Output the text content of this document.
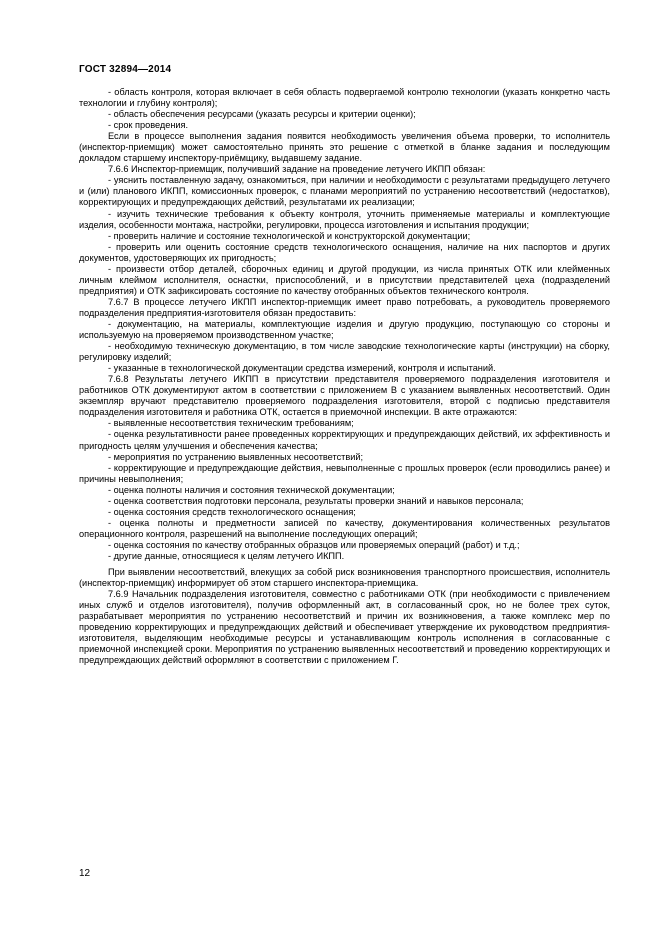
ГОСТ 32894—2014

- область контроля, которая включает в себя область подвергаемой контролю технологии (указать конкретно часть технологии и глубину контроля);

- область обеспечения ресурсами (указать ресурсы и критерии оценки);

- срок проведения.

Если в процессе выполнения задания появится необходимость увеличения объема проверки, то исполнитель (инспектор-приемщик) может самостоятельно принять это решение с отметкой в бланке задания и последующим докладом старшему инспектору-приёмщику, выдавшему задание.

7.6.6 Инспектор-приемщик, получивший задание на проведение летучего ИКПП обязан:

- уяснить поставленную задачу, ознакомиться, при наличии и необходимости с результатами предыдущего летучего и (или) планового ИКПП, комиссионных проверок, с планами мероприятий по устранению несоответствий (недостатков), корректирующих и предупреждающих действий, результатами их реализации;

- изучить технические требования к объекту контроля, уточнить применяемые материалы и комплектующие изделия, особенности монтажа, настройки, регулировки, процесса изготовления и испытания продукции;

- проверить наличие и состояние технологической и конструкторской документации;

- проверить или оценить состояние средств технологического оснащения, наличие на них паспортов и других документов, удостоверяющих их пригодность;

- произвести отбор деталей, сборочных единиц и другой продукции, из числа принятых ОТК или клейменных личным клеймом исполнителя, оснастки, приспособлений, и в присутствии представителей цеха (подразделений предприятия) и ОТК зафиксировать состояние по качеству отобранных объектов технического контроля.

7.6.7 В процессе летучего ИКПП инспектор-приемщик имеет право потребовать, а руководитель проверяемого подразделения предприятия-изготовителя обязан предоставить:

- документацию, на материалы, комплектующие изделия и другую продукцию, поступающую со стороны и используемую на проверяемом производственном участке;

- необходимую техническую документацию, в том числе заводские технологические карты (инструкции) на сборку, регулировку изделий;

- указанные в технологической документации средства измерений, контроля и испытаний.

7.6.8 Результаты летучего ИКПП в присутствии представителя проверяемого подразделения изготовителя и работников ОТК документируют актом в соответствии с приложением В с указанием выявленных несоответствий. Один экземпляр вручают представителю проверяемого подразделения изготовителя, второй с подписью представителя подразделения изготовителя и работника ОТК, остается в приемочной инспекции. В акте отражаются:

- выявленные несоответствия техническим требованиям;

- оценка результативности ранее проведенных корректирующих и предупреждающих действий, их эффективность и пригодность целям улучшения и обеспечения качества;

- мероприятия по устранению выявленных несоответствий;

- корректирующие и предупреждающие действия, невыполненные с прошлых проверок (если проводились ранее) и причины невыполнения;

- оценка полноты наличия и состояния технической документации;

- оценка соответствия подготовки персонала, результаты проверки знаний и навыков персонала;

- оценка состояния средств технологического оснащения;

- оценка полноты и предметности записей по качеству, документирования количественных результатов операционного контроля, разрешений на выполнение последующих операций;

- оценка состояния по качеству отобранных образцов или проверяемых операций (работ) и т.д.;

- другие данные, относящиеся к целям летучего ИКПП.

При выявлении несоответствий, влекущих за собой риск возникновения транспортного происшествия, исполнитель (инспектор-приемщик) информирует об этом старшего инспектора-приемщика.

7.6.9 Начальник подразделения изготовителя, совместно с работниками ОТК (при необходимости с привлечением иных служб и отделов изготовителя), получив оформленный акт, в согласованный срок, но не более трех суток, разрабатывает мероприятия по устранению несоответствий и причин их возникновения, а также комплекс мер по проведению корректирующих и предупреждающих действий и обеспечивает утверждение их руководством предприятия-изготовителя, выделяющим необходимые ресурсы и устанавливающим контроль исполнения в согласованные с приемочной инспекцией сроки. Мероприятия по устранению выявленных несоответствий и проведению корректирующих и предупреждающих действий оформляют в соответствии с приложением Г.

12
